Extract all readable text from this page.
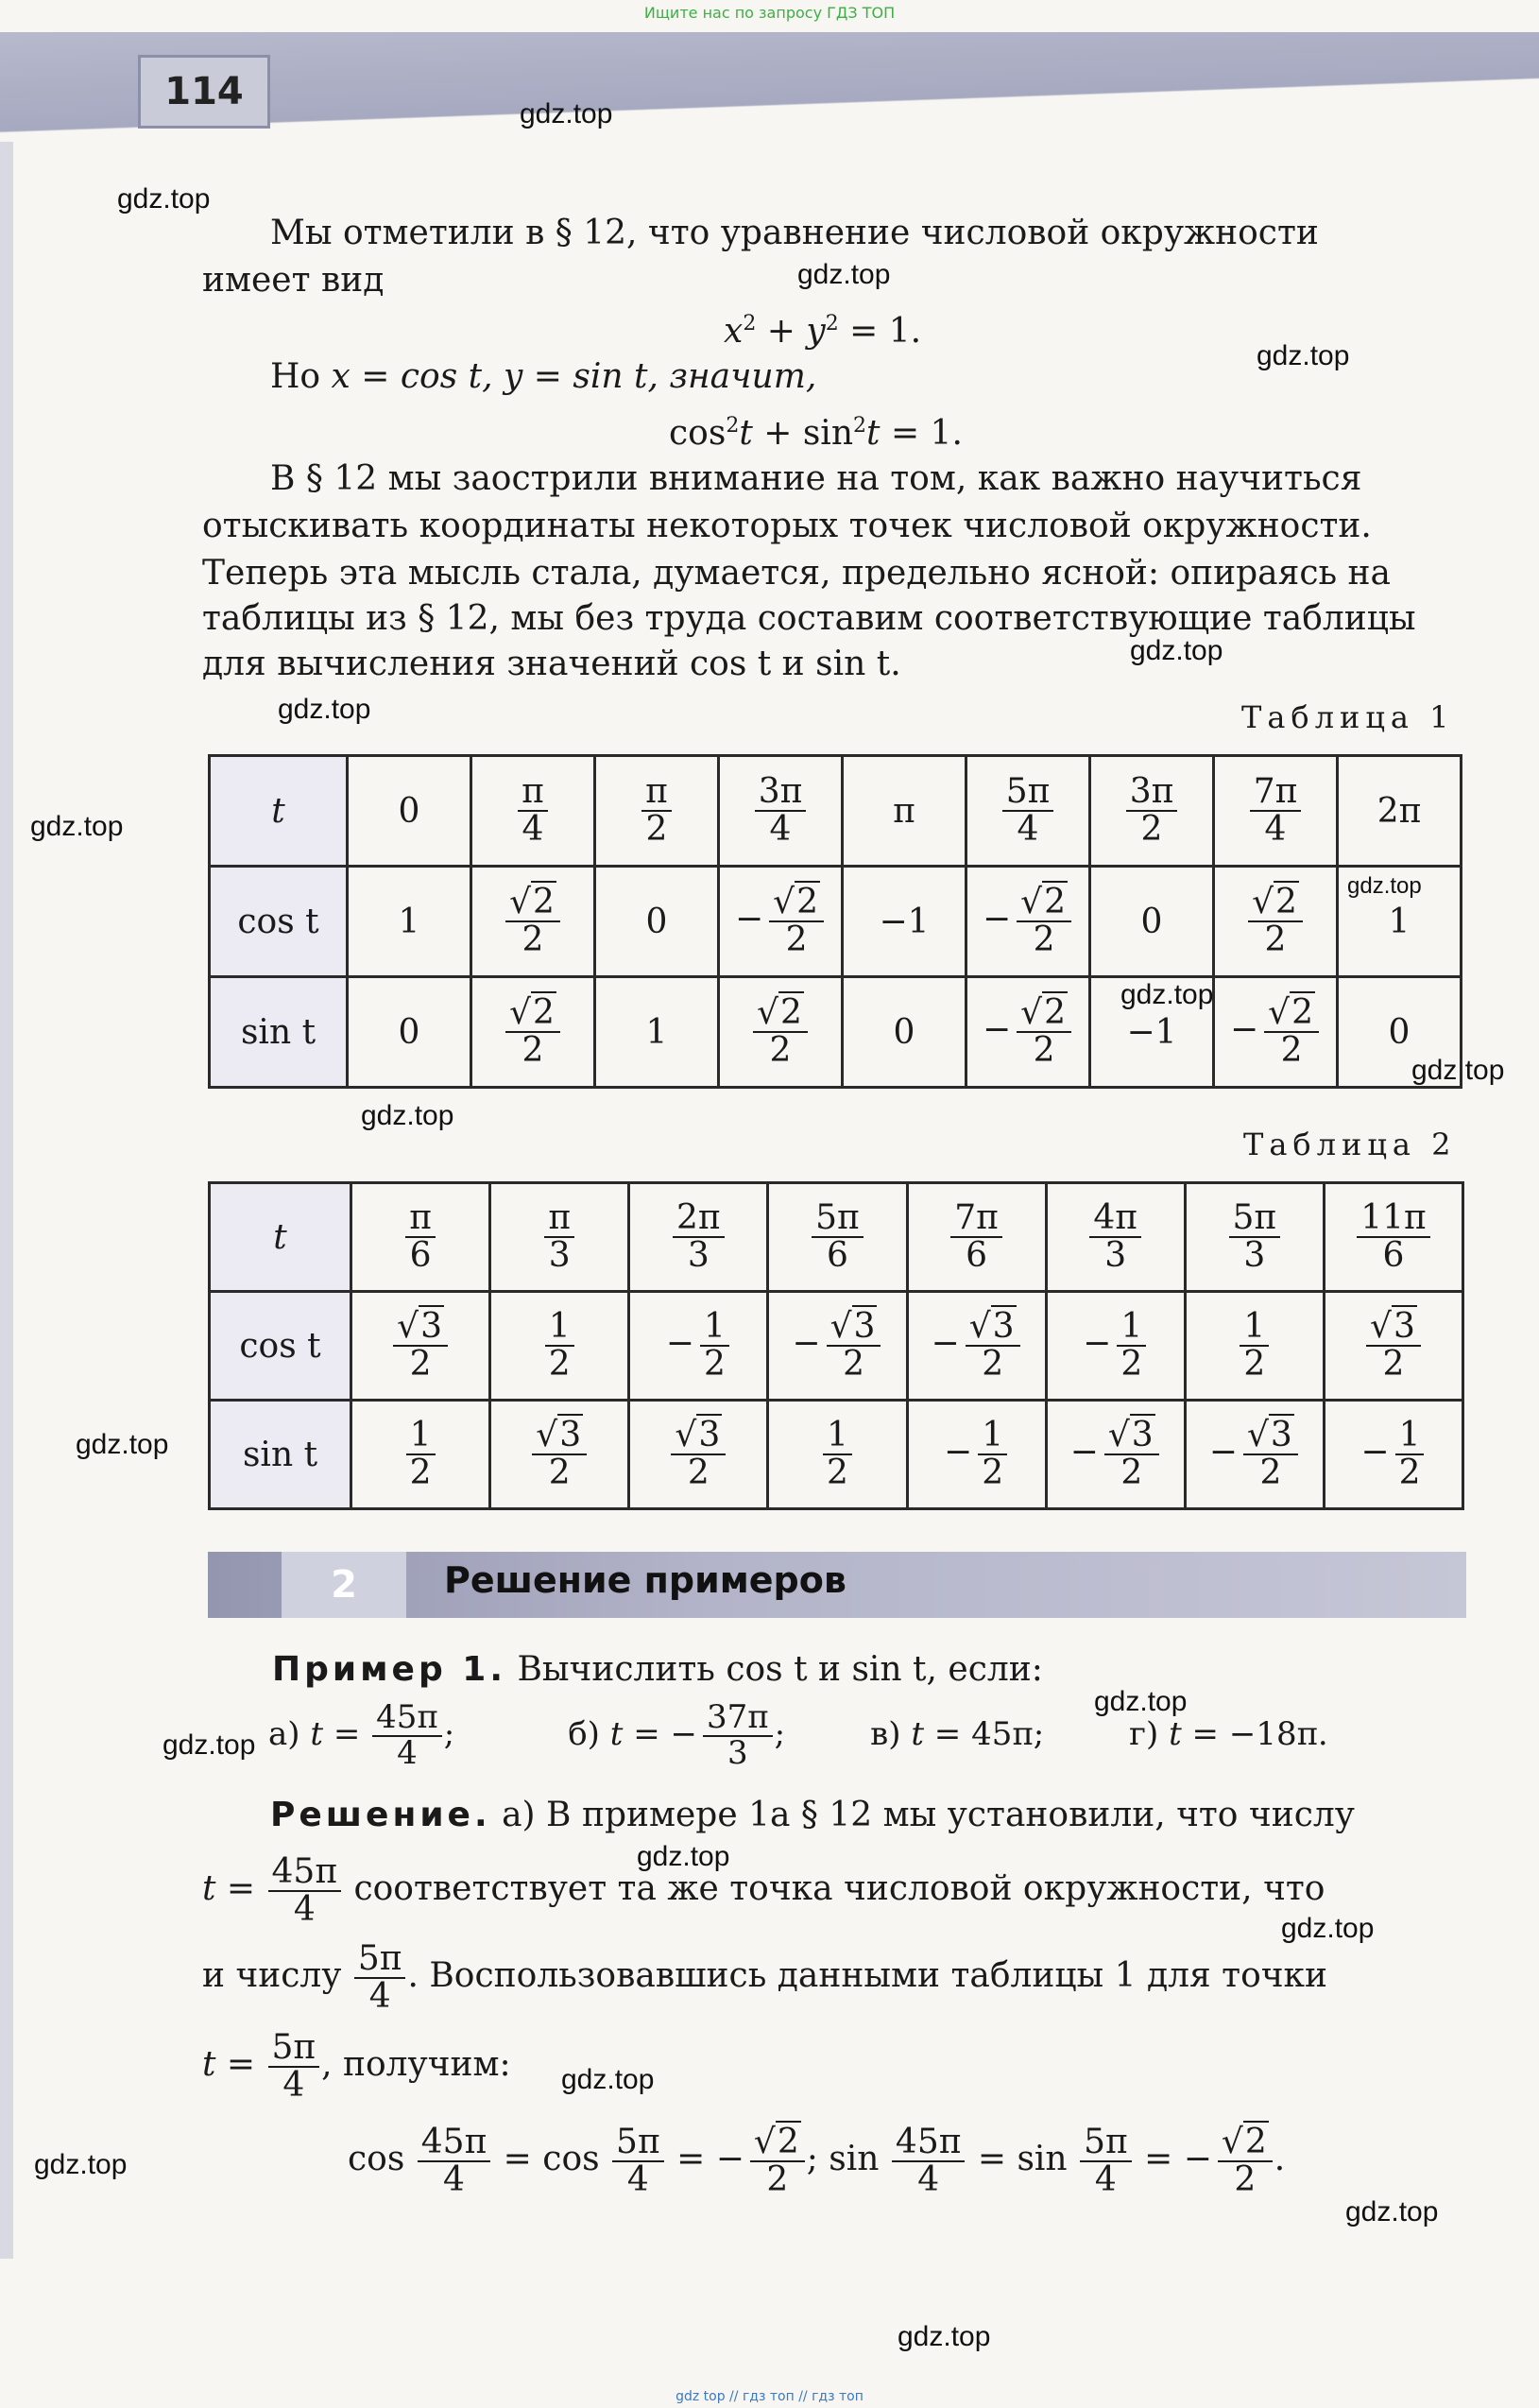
Ищите нас по запросу ГДЗ ТОП
114
gdz.top
gdz.top
gdz.top
gdz.top
gdz.top
gdz.top
gdz.top
gdz.top
gdz.top
gdz.top
gdz.top
gdz.top
gdz.top
gdz.top
gdz.top
gdz.top
gdz.top
gdz.top
gdz.top
gdz.top
Мы отметили в § 12, что уравнение числовой окружности
имеет вид
$x^2 + y^2 = 1$.
Но x = cos t, y = sin t, значит,
$\cos^2t + \sin^2t = 1$.
В § 12 мы заострили внимание на том, как важно научиться
отыскивать координаты некоторых точек числовой окружности.
Теперь эта мысль стала, думается, предельно ясной: опираясь на
таблицы из § 12, мы без труда составим соответствующие таблицы
для вычисления значений cos t и sin t.
Таблица 1
t	0	$\frac{\pi}{4}$	$\frac{\pi}{2}$	$\frac{3\pi}{4}$	π	$\frac{5\pi}{4}$	$\frac{3\pi}{2}$	$\frac{7\pi}{4}$	2π
cos t	1	$\frac{√2}{2}$	0	− $\frac{√2}{2}$	−1	− $\frac{√2}{2}$	0	$\frac{√2}{2}$	1
sin t	0	$\frac{√2}{2}$	1	$\frac{√2}{2}$	0	− $\frac{√2}{2}$	−1	− $\frac{√2}{2}$	0
Таблица 2
t	$\frac{\pi}{6}$	$\frac{\pi}{3}$	$\frac{2\pi}{3}$	$\frac{5\pi}{6}$	$\frac{7\pi}{6}$	$\frac{4\pi}{3}$	$\frac{5\pi}{3}$	$\frac{11\pi}{6}$

cos t	$\frac{√3}{2}$	$\frac{1}{2}$	− $\frac{1}{2}$	− $\frac{√3}{2}$	− $\frac{√3}{2}$	− $\frac{1}{2}$	$\frac{1}{2}$	$\frac{√3}{2}$

sin t	$\frac{1}{2}$	$\frac{√3}{2}$	$\frac{√3}{2}$	$\frac{1}{2}$	− $\frac{1}{2}$	− $\frac{√3}{2}$	− $\frac{√3}{2}$	− $\frac{1}{2}$
2	Решение примеров
Пример 1. Вычислить cos t и sin t, если:
а) $t = \frac{45\pi}{4}$ ;	б) t = − $\frac{37\pi}{3}$ ;	в) t = 45π;	г) t = −18π.
Решение. а) В примере 1а § 12 мы установили, что числу
$t = \frac{45\pi}{4}$ соответствует та же точка числовой окружности, что
и числу $\frac{5\pi}{4}$ . Воспользовавшись данными таблицы 1 для точки
$t = \frac{5\pi}{4}$ , получим:
$\cos \frac{45\pi}{4} = \cos \frac{5\pi}{4}$ = − $\frac{√2}{2}$ ; $\sin \frac{45\pi}{4} = \sin \frac{5\pi}{4}$ = − $\frac{√2}{2}$ .
gdz top // гдз топ // гдз топ
